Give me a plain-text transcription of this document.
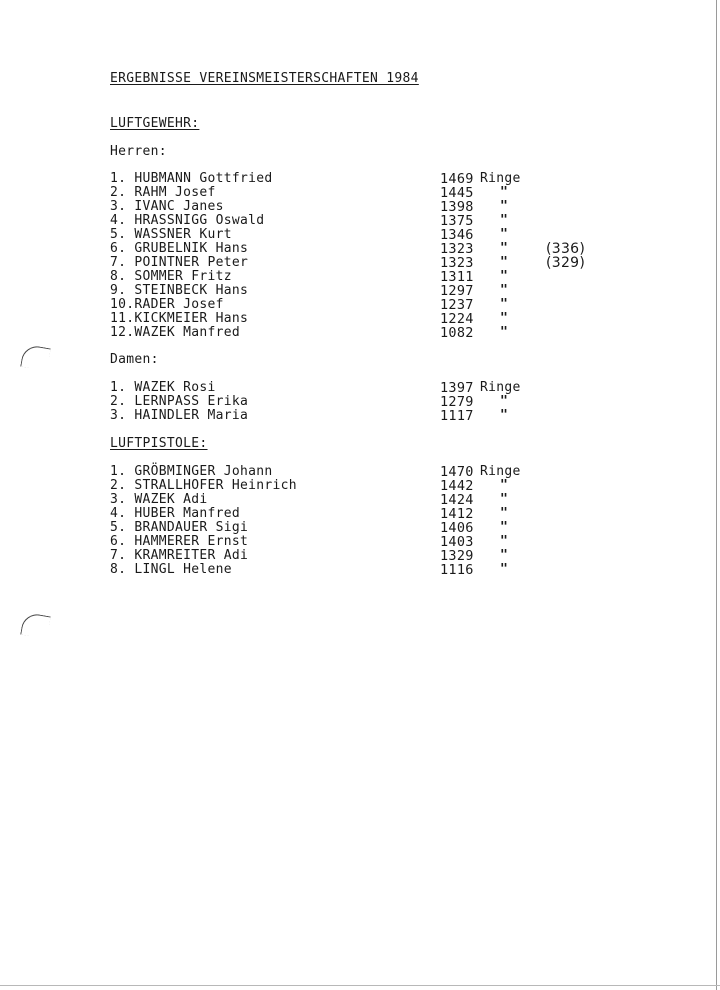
ERGEBNISSE VEREINSMEISTERSCHAFTEN 1984
LUFTGEWEHR:
Herren:
1. HUBMANN Gottfried	1469 Ringe
2. RAHM Josef	1445 "
3. IVANC Janes	1398 "
4. HRASSNIGG Oswald	1375 "
5. WASSNER Kurt	1346 "
6. GRUBELNIK Hans	1323 "	(336)
7. POINTNER Peter	1323 "	(329)
8. SOMMER Fritz	1311 "
9. STEINBECK Hans	1297 "
10.RADER Josef	1237 "
11.KICKMEIER Hans	1224 "
12.WAZEK Manfred	1082 "
Damen:
1. WAZEK Rosi	1397 Ringe
2. LERNPASS Erika	1279 "
3. HAINDLER Maria	1117 "
LUFTPISTOLE:
1. GRÖBMINGER Johann	1470 Ringe
2. STRALLHOFER Heinrich	1442 "
3. WAZEK Adi	1424 "
4. HUBER Manfred	1412 "
5. BRANDAUER Sigi	1406 "
6. HAMMERER Ernst	1403 "
7. KRAMREITER Adi	1329 "
8. LINGL Helene	1116 "
